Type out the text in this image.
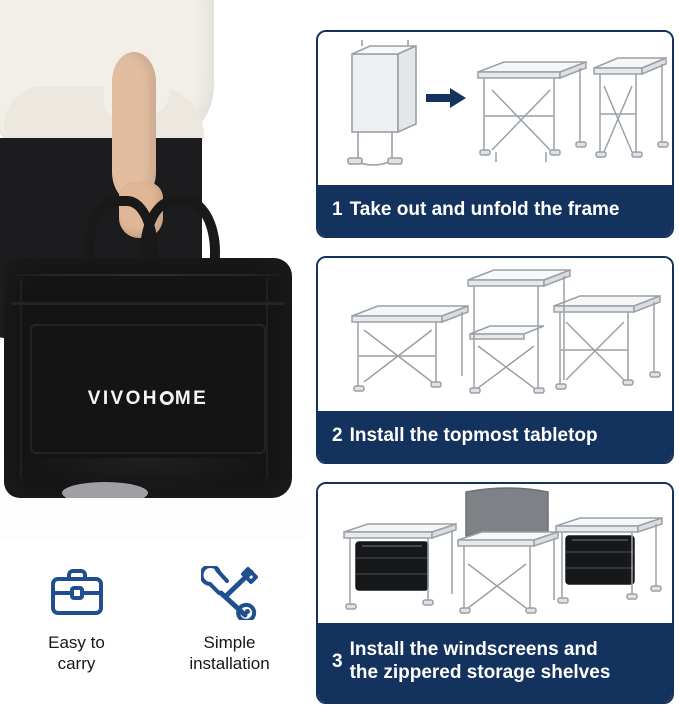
VIVOH ME
Easy to
carry
Simple
installation
1 Take out and unfold the frame
2 Install the topmost tabletop
3
Install the windscreens and
the zippered storage shelves
